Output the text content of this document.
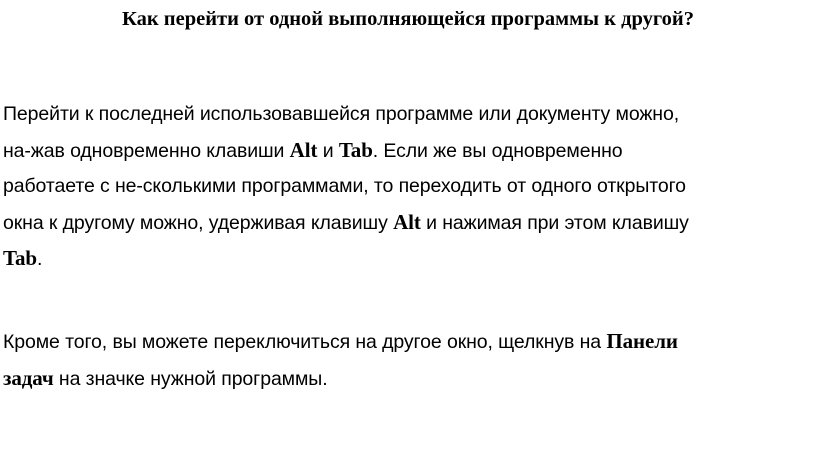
Как перейти от одной выполняющейся программы к другой?

Перейти к последней использовавшейся программе или документу можно,
на-жав одновременно клавиши Alt и Tab. Если же вы одновременно
работаете с не-сколькими программами, то переходить от одного открытого
окна к другому можно, удерживая клавишу Alt и нажимая при этом клавишу
Tab.

Кроме того, вы можете переключиться на другое окно, щелкнув на Панели
задач на значке нужной программы.
